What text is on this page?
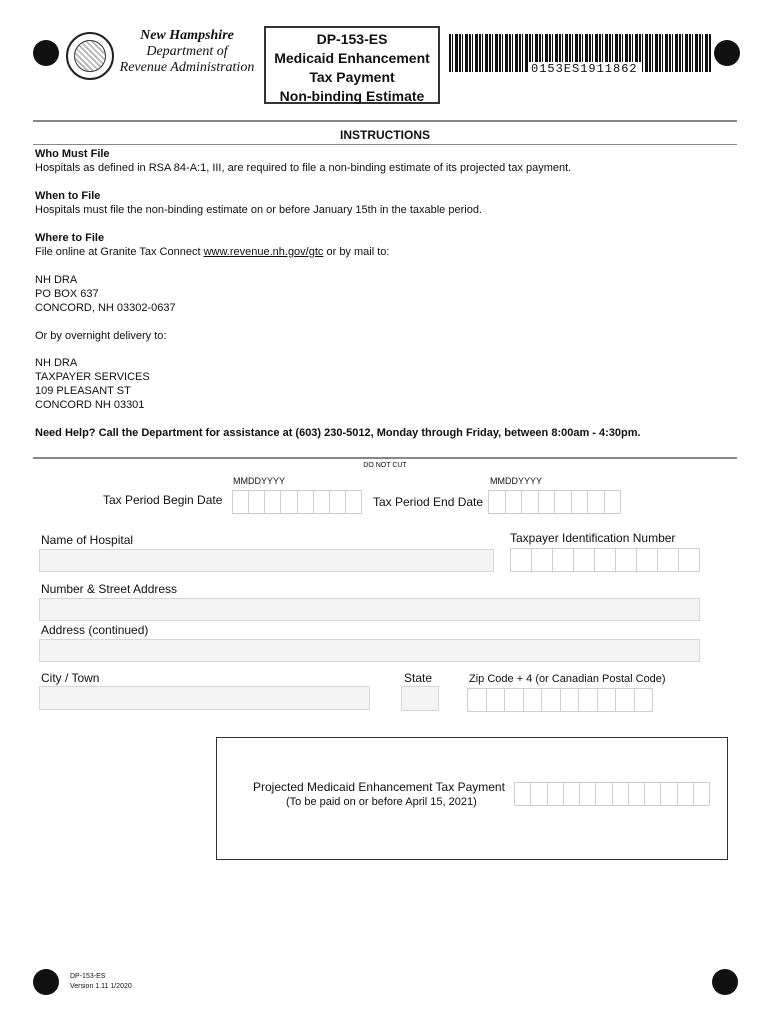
New Hampshire
Department of
Revenue Administration
DP-153-ES
Medicaid Enhancement
Tax Payment
Non-binding Estimate
0153ES1911862
INSTRUCTIONS
Who Must File
Hospitals as defined in RSA 84-A:1, III, are required to file a non-binding estimate of its projected tax payment.
When to File
Hospitals must file the non-binding estimate on or before January 15th in the taxable period.
Where to File
File online at Granite Tax Connect www.revenue.nh.gov/gtc or by mail to:
NH DRA
PO BOX 637
CONCORD, NH 03302-0637
Or by overnight delivery to:
NH DRA
TAXPAYER SERVICES
109 PLEASANT ST
CONCORD NH 03301
Need Help? Call the Department for assistance at (603) 230-5012, Monday through Friday, between 8:00am - 4:30pm.
DO NOT CUT
MMDDYYYY
Tax Period Begin Date
MMDDYYYY
Tax Period End Date
Name of Hospital	Taxpayer Identification Number
Number & Street Address
Address (continued)
City / Town	State	Zip Code + 4 (or Canadian Postal Code)
Projected Medicaid Enhancement Tax Payment
(To be paid on or before April 15, 2021)
DP-153-ES
Version 1.11 1/2020
